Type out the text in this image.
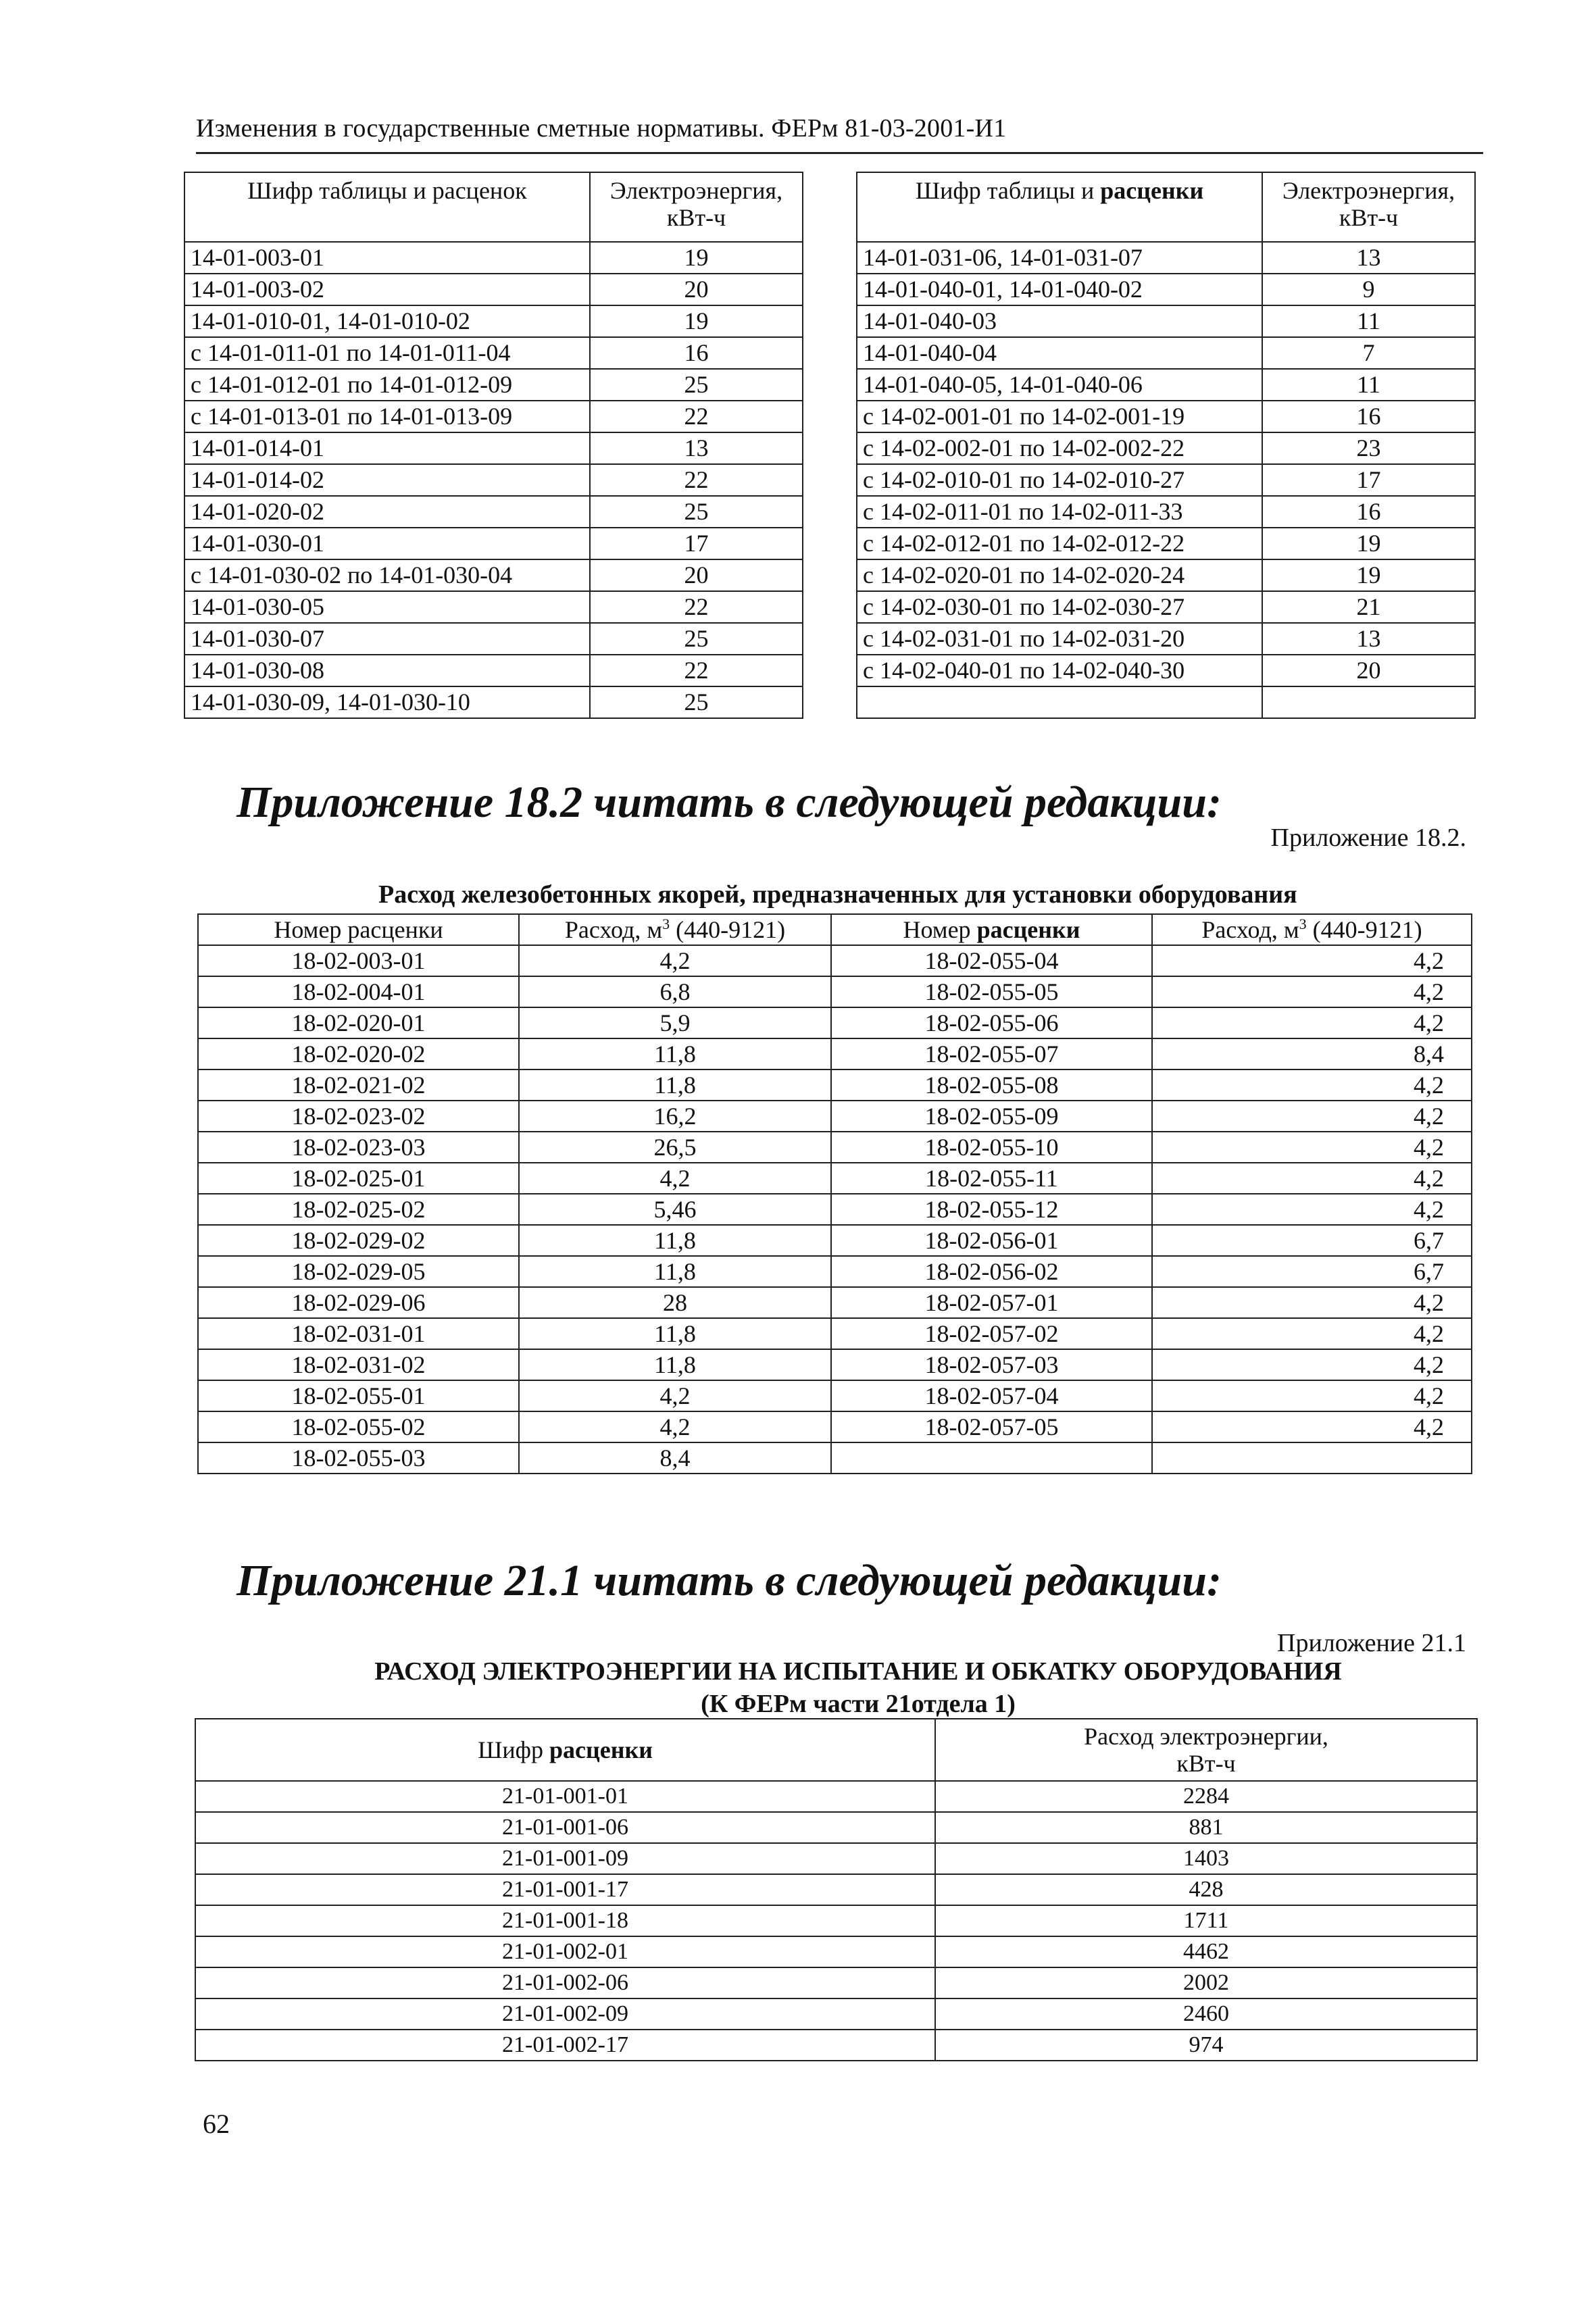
Изменения в государственные сметные нормативы. ФЕРм 81-03-2001-И1
Шифр таблицы и расценок	Электроэнергия,
кВт-ч
14-01-003-01	19
14-01-003-02	20
14-01-010-01, 14-01-010-02	19
с 14-01-011-01 по 14-01-011-04	16
с 14-01-012-01 по 14-01-012-09	25
с 14-01-013-01 по 14-01-013-09	22
14-01-014-01	13
14-01-014-02	22
14-01-020-02	25
14-01-030-01	17
с 14-01-030-02 по 14-01-030-04	20
14-01-030-05	22
14-01-030-07	25
14-01-030-08	22
14-01-030-09, 14-01-030-10	25
Шифр таблицы и расценки	Электроэнергия,
кВт-ч
14-01-031-06, 14-01-031-07	13
14-01-040-01, 14-01-040-02	9
14-01-040-03	11
14-01-040-04	7
14-01-040-05, 14-01-040-06	11
с 14-02-001-01 по 14-02-001-19	16
с 14-02-002-01 по 14-02-002-22	23
с 14-02-010-01 по 14-02-010-27	17
с 14-02-011-01 по 14-02-011-33	16
с 14-02-012-01 по 14-02-012-22	19
с 14-02-020-01 по 14-02-020-24	19
с 14-02-030-01 по 14-02-030-27	21
с 14-02-031-01 по 14-02-031-20	13
с 14-02-040-01 по 14-02-040-30	20

Приложение 18.2 читать в следующей редакции:
Приложение 18.2.
Расход железобетонных якорей, предназначенных для установки оборудования
Номер расценки	Расход, $м^3$ (440-9121)	Номер расценки	Расход, $м^3$ (440-9121)
18-02-003-01	4,2	18-02-055-04	4,2
18-02-004-01	6,8	18-02-055-05	4,2
18-02-020-01	5,9	18-02-055-06	4,2
18-02-020-02	11,8	18-02-055-07	8,4
18-02-021-02	11,8	18-02-055-08	4,2
18-02-023-02	16,2	18-02-055-09	4,2
18-02-023-03	26,5	18-02-055-10	4,2
18-02-025-01	4,2	18-02-055-11	4,2
18-02-025-02	5,46	18-02-055-12	4,2
18-02-029-02	11,8	18-02-056-01	6,7
18-02-029-05	11,8	18-02-056-02	6,7
18-02-029-06	28	18-02-057-01	4,2
18-02-031-01	11,8	18-02-057-02	4,2
18-02-031-02	11,8	18-02-057-03	4,2
18-02-055-01	4,2	18-02-057-04	4,2
18-02-055-02	4,2	18-02-057-05	4,2
18-02-055-03	8,4		
Приложение 21.1 читать в следующей редакции:
Приложение 21.1
РАСХОД ЭЛЕКТРОЭНЕРГИИ НА ИСПЫТАНИЕ И ОБКАТКУ ОБОРУДОВАНИЯ
(К ФЕРм части 21отдела 1)
Шифр расценки	Расход электроэнергии,
кВт-ч
21-01-001-01	2284
21-01-001-06	881
21-01-001-09	1403
21-01-001-17	428
21-01-001-18	1711
21-01-002-01	4462
21-01-002-06	2002
21-01-002-09	2460
21-01-002-17	974
62
